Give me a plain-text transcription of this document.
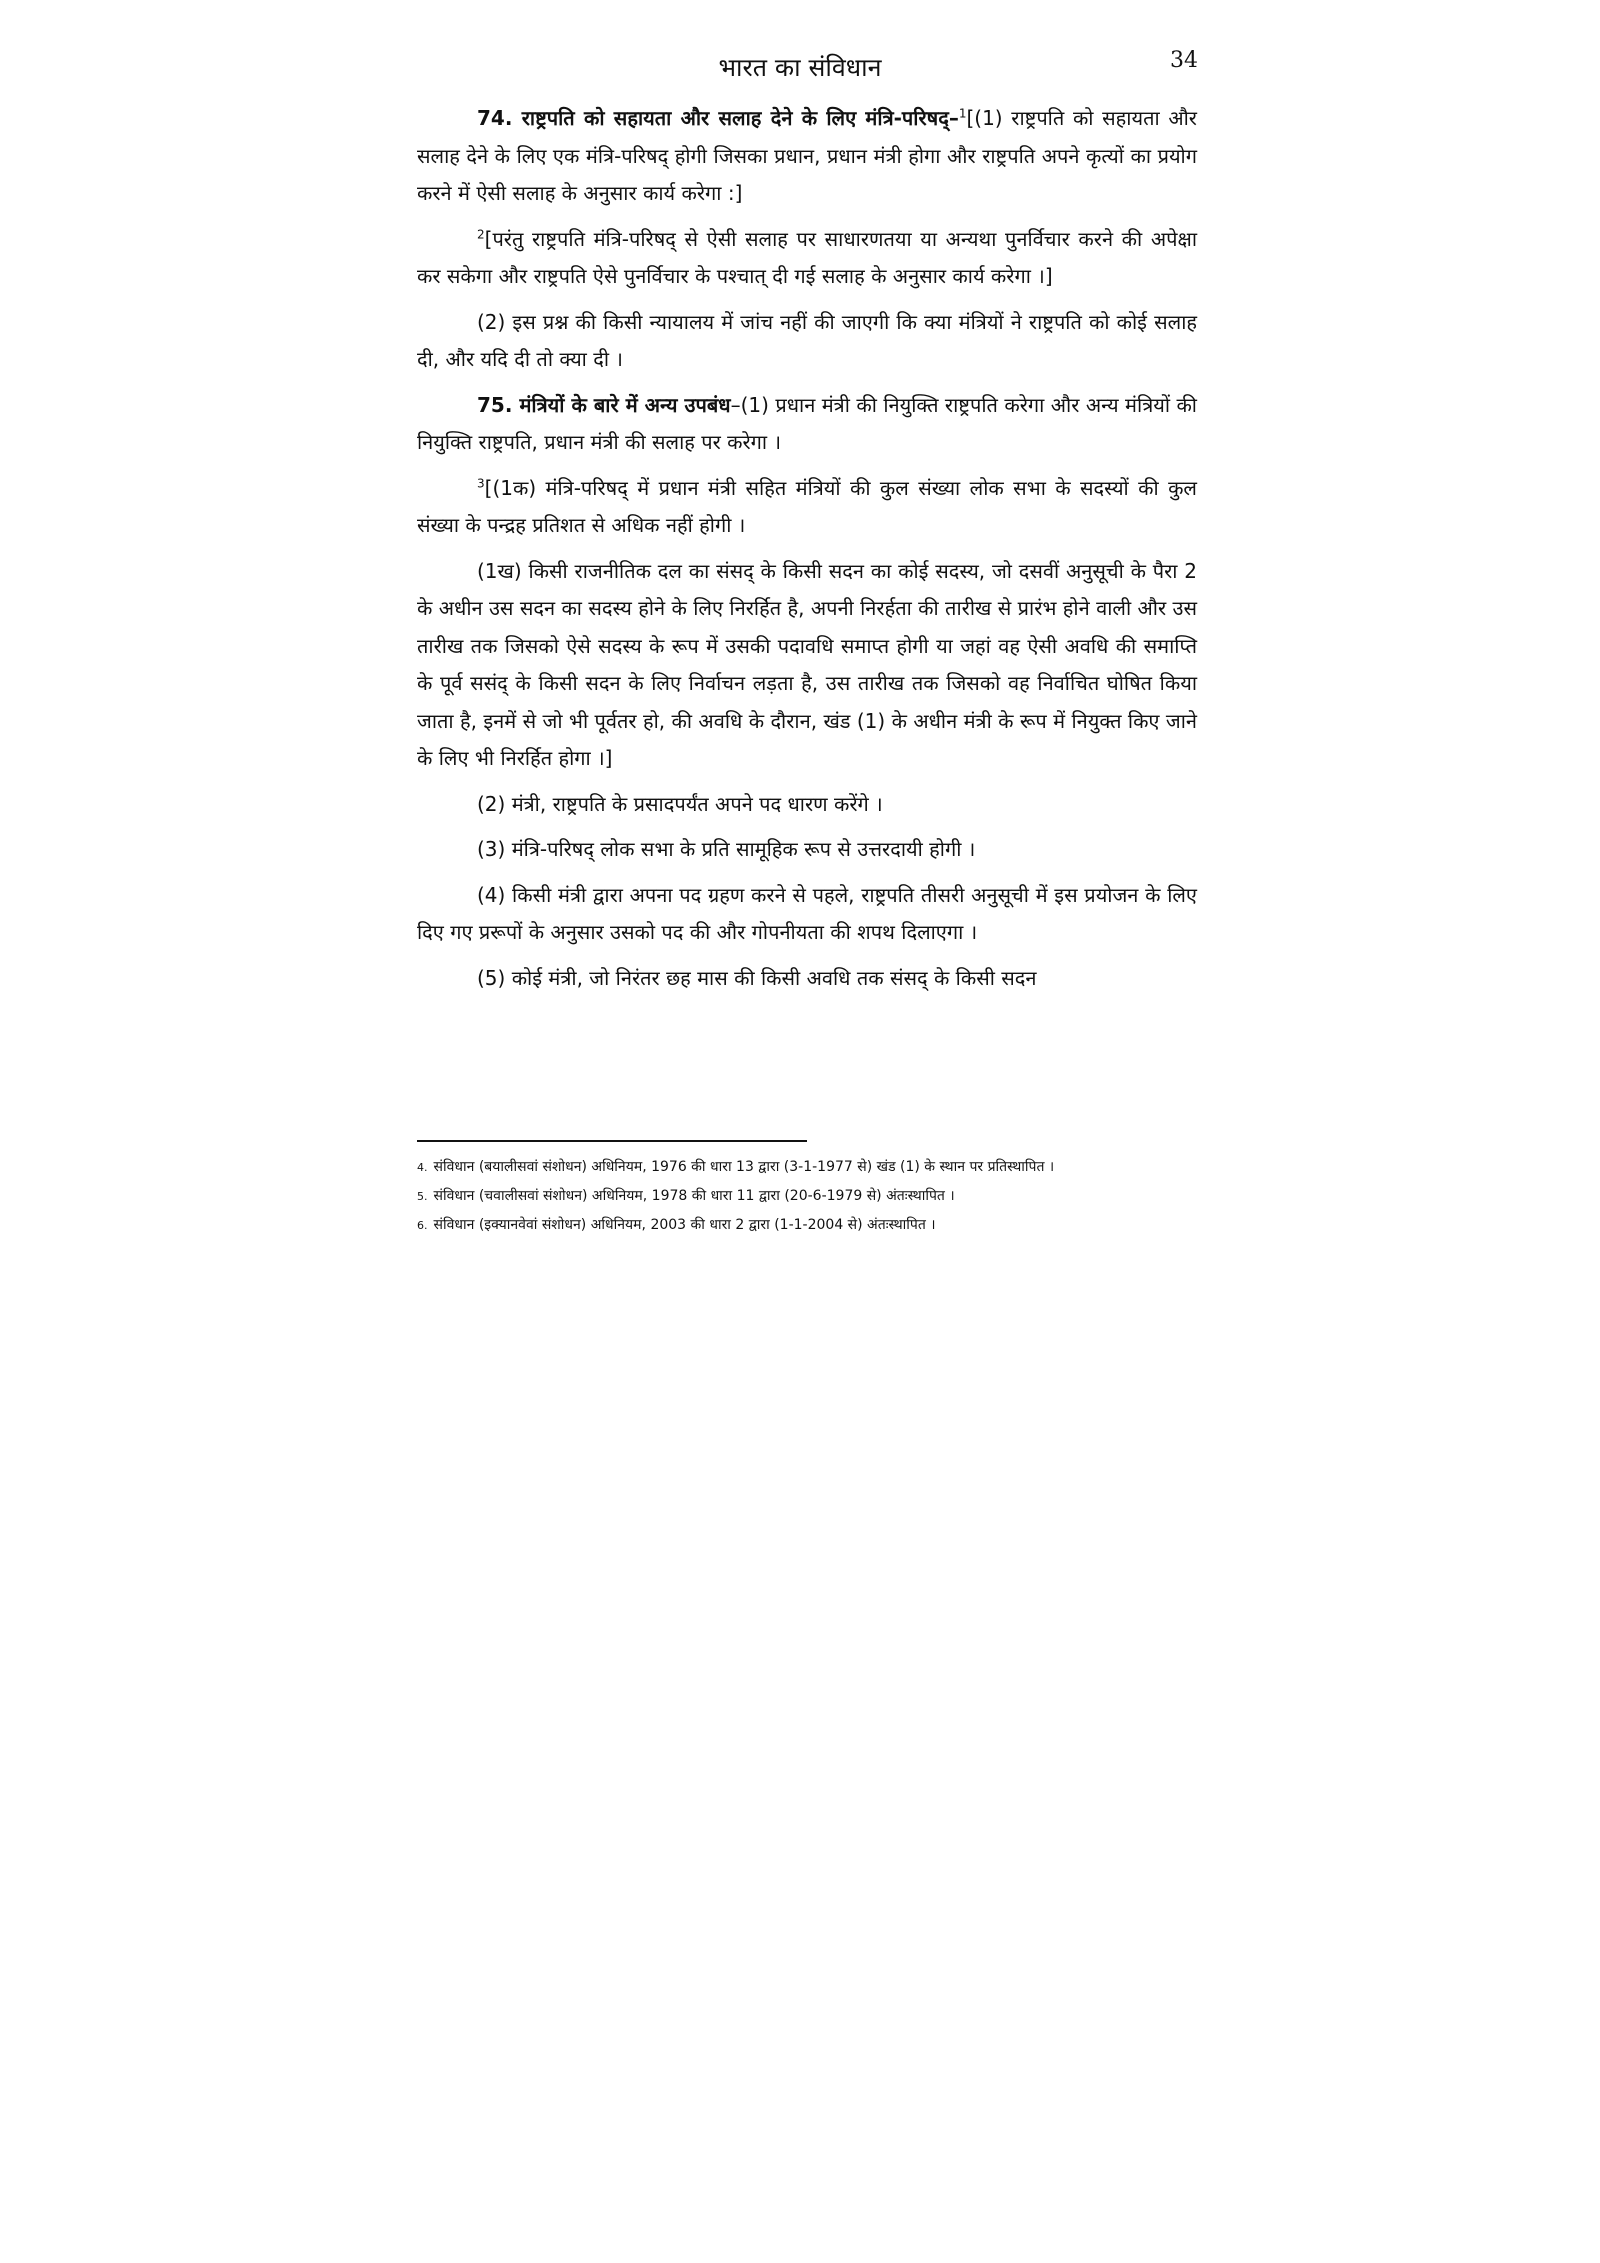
भारत का संविधान	34

74. राष्ट्रपति को सहायता और सलाह देने के लिए मंत्रि-परिषद्–$^1$[(1) राष्ट्रपति को सहायता और सलाह देने के लिए एक मंत्रि-परिषद् होगी जिसका प्रधान, प्रधान मंत्री होगा और राष्ट्रपति अपने कृत्यों का प्रयोग करने में ऐसी सलाह के अनुसार कार्य करेगा :]

$^2$[परंतु राष्ट्रपति मंत्रि-परिषद् से ऐसी सलाह पर साधारणतया या अन्यथा पुनर्विचार करने की अपेक्षा कर सकेगा और राष्ट्रपति ऐसे पुनर्विचार के पश्चात् दी गई सलाह के अनुसार कार्य करेगा ।]

(2) इस प्रश्न की किसी न्यायालय में जांच नहीं की जाएगी कि क्या मंत्रियों ने राष्ट्रपति को कोई सलाह दी, और यदि दी तो क्या दी ।

75. मंत्रियों के बारे में अन्य उपबंध–(1) प्रधान मंत्री की नियुक्ति राष्ट्रपति करेगा और अन्य मंत्रियों की नियुक्ति राष्ट्रपति, प्रधान मंत्री की सलाह पर करेगा ।

$^3$[(1क) मंत्रि-परिषद् में प्रधान मंत्री सहित मंत्रियों की कुल संख्या लोक सभा के सदस्यों की कुल संख्या के पन्द्रह प्रतिशत से अधिक नहीं होगी ।

(1ख) किसी राजनीतिक दल का संसद् के किसी सदन का कोई सदस्य, जो दसवीं अनुसूची के पैरा 2 के अधीन उस सदन का सदस्य होने के लिए निरर्हित है, अपनी निरर्हता की तारीख से प्रारंभ होने वाली और उस तारीख तक जिसको ऐसे सदस्य के रूप में उसकी पदावधि समाप्त होगी या जहां वह ऐसी अवधि की समाप्ति के पूर्व ससंद् के किसी सदन के लिए निर्वाचन लड़ता है, उस तारीख तक जिसको वह निर्वाचित घोषित किया जाता है, इनमें से जो भी पूर्वतर हो, की अवधि के दौरान, खंड (1) के अधीन मंत्री के रूप में नियुक्त किए जाने के लिए भी निरर्हित होगा ।]

(2) मंत्री, राष्ट्रपति के प्रसादपर्यंत अपने पद धारण करेंगे ।

(3) मंत्रि-परिषद् लोक सभा के प्रति सामूहिक रूप से उत्तरदायी होगी ।

(4) किसी मंत्री द्वारा अपना पद ग्रहण करने से पहले, राष्ट्रपति तीसरी अनुसूची में इस प्रयोजन के लिए दिए गए प्ररूपों के अनुसार उसको पद की और गोपनीयता की शपथ दिलाएगा ।

(5) कोई मंत्री, जो निरंतर छह मास की किसी अवधि तक संसद् के किसी सदन

4. संविधान (बयालीसवां संशोधन) अधिनियम, 1976 की धारा 13 द्वारा (3-1-1977 से) खंड (1) के स्थान पर प्रतिस्थापित ।

5. संविधान (चवालीसवां संशोधन) अधिनियम, 1978 की धारा 11 द्वारा (20-6-1979 से) अंतःस्थापित ।

6. संविधान (इक्यानवेवां संशोधन) अधिनियम, 2003 की धारा 2 द्वारा (1-1-2004 से) अंतःस्थापित ।
